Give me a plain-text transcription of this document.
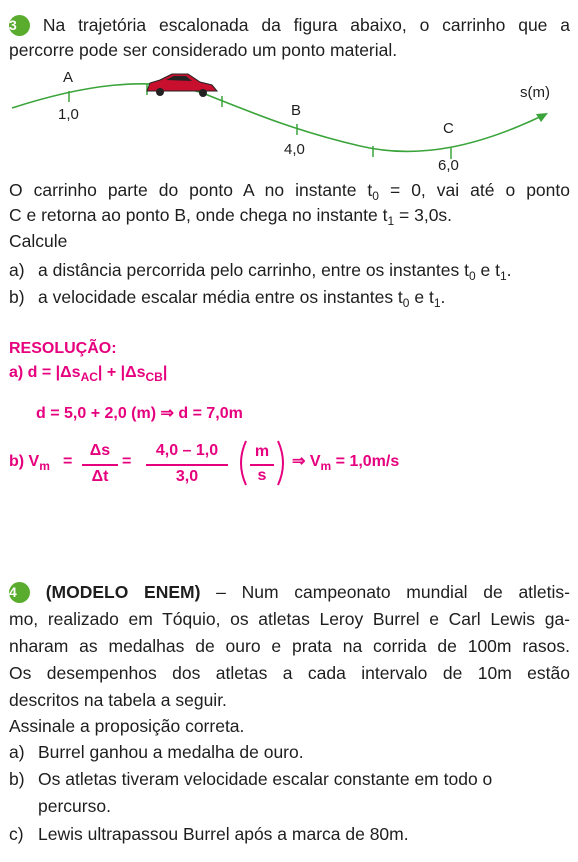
3 Na trajetória escalonada da figura abaixo, o carrinho que a
percorre pode ser considerado um ponto material.
A
1,0	B
4,0
C
6,0
s(m)
O carrinho parte do ponto A no instante $t_0 = 0$, vai até o ponto
C e retorna ao ponto B, onde chega no instante $t_1 = 3,0s$.
Calcule
a) a distância percorrida pelo carrinho, entre os instantes $t_0$ e $t_1$.
b) a velocidade escalar média entre os instantes $t_0$ e $t_1$.
RESOLUÇÃO:
a) $d = |\Delta s_{AC}| + |\Delta s_{CB}|$
d = 5,0 + 2,0 (m) ⇒ d = 7,0m
b) $V_m$ =
Δs
Δt
=
4,0 – 1,0
3,0
m
s
⇒ $V_m = 1,0m/s$
4 (MODELO ENEM) – Num campeonato mundial de atletis-
mo, realizado em Tóquio, os atletas Leroy Burrel e Carl Lewis ga-
nharam as medalhas de ouro e prata na corrida de 100m rasos.
Os desempenhos dos atletas a cada intervalo de 10m estão
descritos na tabela a seguir.
Assinale a proposição correta.
a) Burrel ganhou a medalha de ouro.
b) Os atletas tiveram velocidade escalar constante em todo o
percurso.
c) Lewis ultrapassou Burrel após a marca de 80m.
